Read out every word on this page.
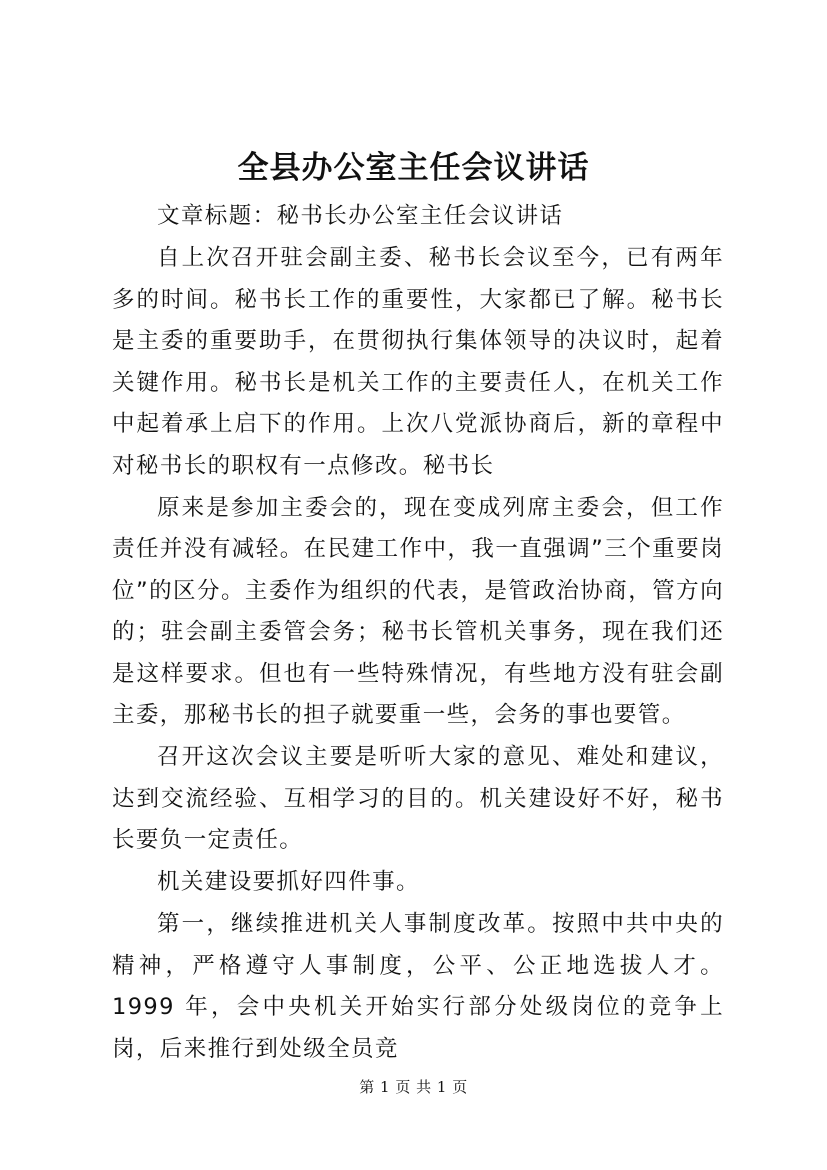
全县办公室主任会议讲话

文章标题：秘书长办公室主任会议讲话

自上次召开驻会副主委、秘书长会议至今，已有两年多的时间。秘书长工作的重要性，大家都已了解。秘书长是主委的重要助手，在贯彻执行集体领导的决议时，起着关键作用。秘书长是机关工作的主要责任人，在机关工作中起着承上启下的作用。上次八党派协商后，新的章程中对秘书长的职权有一点修改。秘书长

原来是参加主委会的，现在变成列席主委会，但工作责任并没有减轻。在民建工作中，我一直强调”三个重要岗位”的区分。主委作为组织的代表，是管政治协商，管方向的；驻会副主委管会务；秘书长管机关事务，现在我们还是这样要求。但也有一些特殊情况，有些地方没有驻会副主委，那秘书长的担子就要重一些，会务的事也要管。

召开这次会议主要是听听大家的意见、难处和建议，达到交流经验、互相学习的目的。机关建设好不好，秘书长要负一定责任。

机关建设要抓好四件事。

第一，继续推进机关人事制度改革。按照中共中央的精神，严格遵守人事制度，公平、公正地选拔人才。1999 年，会中央机关开始实行部分处级岗位的竞争上岗，后来推行到处级全员竞

第 1 页 共 1 页
